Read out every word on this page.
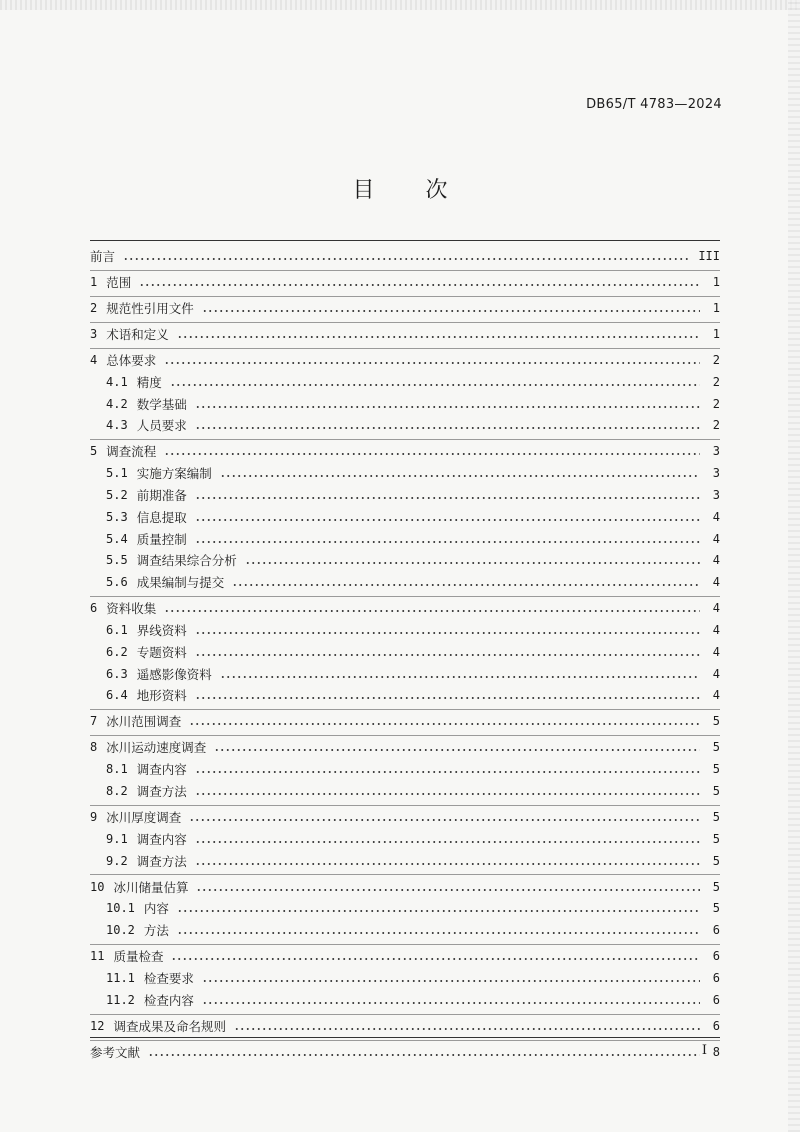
DB65/T 4783—2024
目 次
前言	III
1 范围	1
2 规范性引用文件	1
3 术语和定义	1
4 总体要求	2
4.1 精度	2
4.2 数学基础	2
4.3 人员要求	2
5 调查流程	3
5.1 实施方案编制	3
5.2 前期准备	3
5.3 信息提取	4
5.4 质量控制	4
5.5 调查结果综合分析	4
5.6 成果编制与提交	4
6 资料收集	4
6.1 界线资料	4
6.2 专题资料	4
6.3 遥感影像资料	4
6.4 地形资料	4
7 冰川范围调查	5
8 冰川运动速度调查	5
8.1 调查内容	5
8.2 调查方法	5
9 冰川厚度调查	5
9.1 调查内容	5
9.2 调查方法	5
10 冰川储量估算	5
10.1 内容	5
10.2 方法	6
11 质量检查	6
11.1 检查要求	6
11.2 检查内容	6
12 调查成果及命名规则	6
参考文献	8
I
